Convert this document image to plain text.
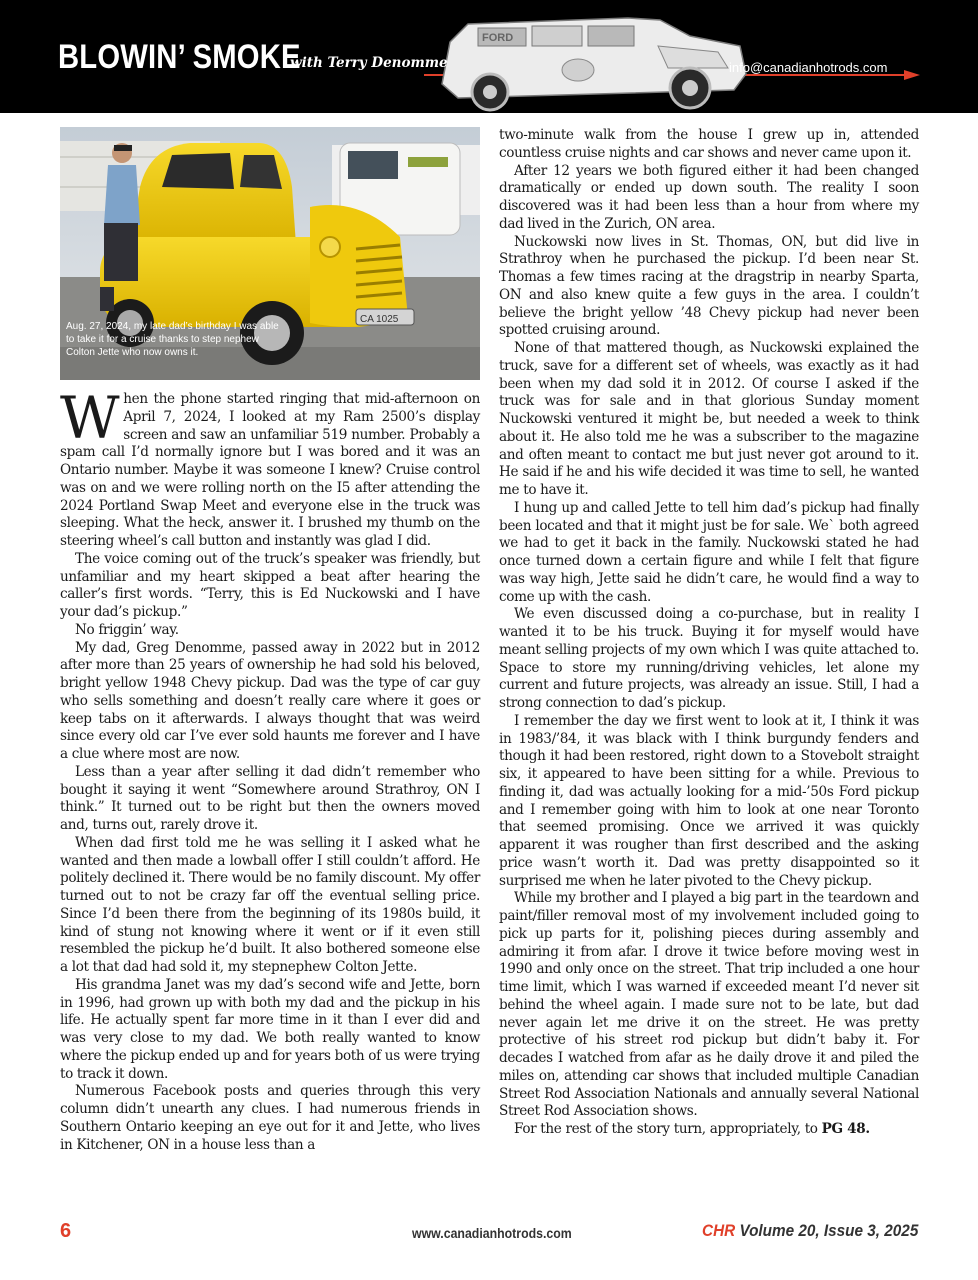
FORD
BLOWIN’ SMOKE
with Terry Denomme	info@canadianhotrods.com
CA 1025
Aug. 27, 2024, my late dad’s birthday I was able to take it for a cruise thanks to step nephew Colton Jette who now owns it.

When the phone started ringing that mid-afternoon on April 7, 2024, I looked at my Ram 2500’s display screen and saw an unfamiliar 519 number. Probably a spam call I’d normally ignore but I was bored and it was an Ontario number. Maybe it was someone I knew? Cruise control was on and we were rolling north on the I5 after attending the 2024 Portland Swap Meet and everyone else in the truck was sleeping. What the heck, answer it. I brushed my thumb on the steering wheel’s call button and instantly was glad I did.

The voice coming out of the truck’s speaker was friendly, but unfamiliar and my heart skipped a beat after hearing the caller’s first words. “Terry, this is Ed Nuckowski and I have your dad’s pickup.”

No friggin’ way.

My dad, Greg Denomme, passed away in 2022 but in 2012 after more than 25 years of ownership he had sold his beloved, bright yellow 1948 Chevy pickup. Dad was the type of car guy who sells something and doesn’t really care where it goes or keep tabs on it afterwards. I always thought that was weird since every old car I’ve ever sold haunts me forever and I have a clue where most are now.

Less than a year after selling it dad didn’t remember who bought it saying it went “Somewhere around Strathroy, ON I think.” It turned out to be right but then the owners moved and, turns out, rarely drove it.

When dad first told me he was selling it I asked what he wanted and then made a lowball offer I still couldn’t afford. He politely declined it. There would be no family discount. My offer turned out to not be crazy far off the eventual selling price. Since I’d been there from the beginning of its 1980s build, it kind of stung not knowing where it went or if it even still resembled the pickup he’d built. It also bothered someone else a lot that dad had sold it, my stepnephew Colton Jette.

His grandma Janet was my dad’s second wife and Jette, born in 1996, had grown up with both my dad and the pickup in his life. He actually spent far more time in it than I ever did and was very close to my dad. We both really wanted to know where the pickup ended up and for years both of us were trying to track it down.

Numerous Facebook posts and queries through this very column didn’t unearth any clues. I had numerous friends in Southern Ontario keeping an eye out for it and Jette, who lives in Kitchener, ON in a house less than a

two-minute walk from the house I grew up in, attended countless cruise nights and car shows and never came upon it.

After 12 years we both figured either it had been changed dramatically or ended up down south. The reality I soon discovered was it had been less than a hour from where my dad lived in the Zurich, ON area.

Nuckowski now lives in St. Thomas, ON, but did live in Strathroy when he purchased the pickup. I’d been near St. Thomas a few times racing at the dragstrip in nearby Sparta, ON and also knew quite a few guys in the area. I couldn’t believe the bright yellow ’48 Chevy pickup had never been spotted cruising around.

None of that mattered though, as Nuckowski explained the truck, save for a different set of wheels, was exactly as it had been when my dad sold it in 2012. Of course I asked if the truck was for sale and in that glorious Sunday moment Nuckowski ventured it might be, but needed a week to think about it. He also told me he was a subscriber to the magazine and often meant to contact me but just never got around to it. He said if he and his wife decided it was time to sell, he wanted me to have it.

I hung up and called Jette to tell him dad’s pickup had finally been located and that it might just be for sale. We` both agreed we had to get it back in the family. Nuckowski stated he had once turned down a certain figure and while I felt that figure was way high, Jette said he didn’t care, he would find a way to come up with the cash.

We even discussed doing a co-purchase, but in reality I wanted it to be his truck. Buying it for myself would have meant selling projects of my own which I was quite attached to. Space to store my running/driving vehicles, let alone my current and future projects, was already an issue. Still, I had a strong connection to dad’s pickup.

I remember the day we first went to look at it, I think it was in 1983/’84, it was black with I think burgundy fenders and though it had been restored, right down to a Stovebolt straight six, it appeared to have been sitting for a while. Previous to finding it, dad was actually looking for a mid-’50s Ford pickup and I remember going with him to look at one near Toronto that seemed promising. Once we arrived it was quickly apparent it was rougher than first described and the asking price wasn’t worth it. Dad was pretty disappointed so it surprised me when he later pivoted to the Chevy pickup.

While my brother and I played a big part in the teardown and paint/filler removal most of my involvement included going to pick up parts for it, polishing pieces during assembly and admiring it from afar. I drove it twice before moving west in 1990 and only once on the street. That trip included a one hour time limit, which I was warned if exceeded meant I’d never sit behind the wheel again. I made sure not to be late, but dad never again let me drive it on the street. He was pretty protective of his street rod pickup but didn’t baby it. For decades I watched from afar as he daily drove it and piled the miles on, attending car shows that included multiple Canadian Street Rod Association Nationals and annually several National Street Rod Association shows.

For the rest of the story turn, appropriately, to PG 48.

6	www.canadianhotrods.com	CHR Volume 20, Issue 3, 2025
